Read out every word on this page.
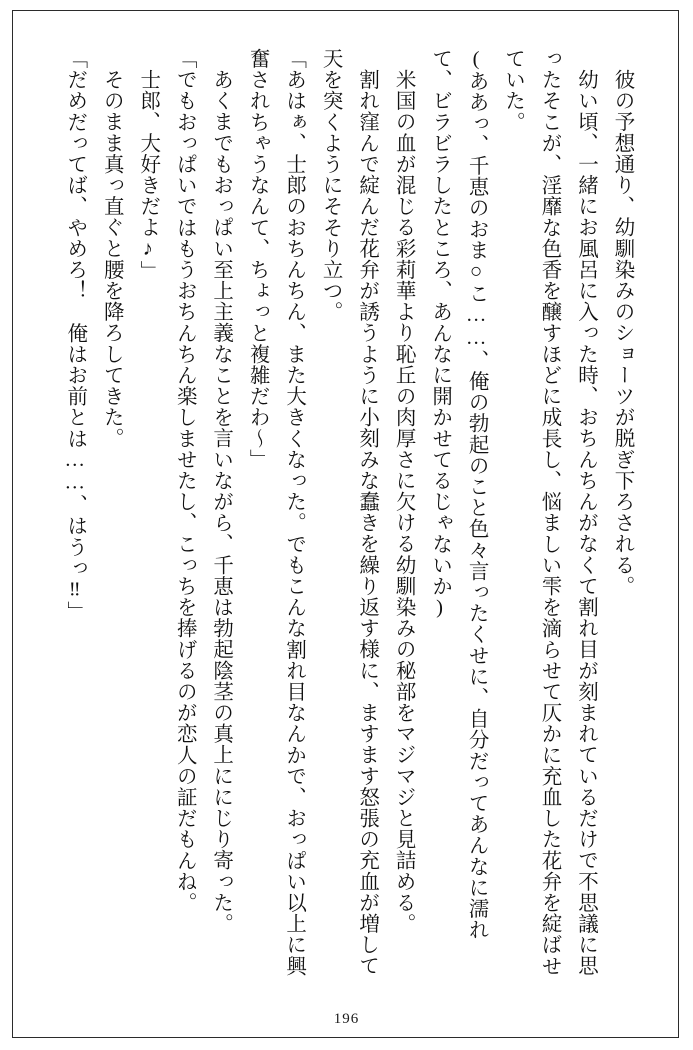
彼の予想通り、幼馴染みのショーツが脱ぎ下ろされる。

幼い頃、一緒にお風呂に入った時、おちんちんがなくて割れ目が刻まれているだけで不思議に思ったそこが、淫靡な色香を醸すほどに成長し、悩ましい雫を滴らせて仄かに充血した花弁を綻ばせていた。

(ああっ、千恵のおま○こ……、俺の勃起のこと色々言ったくせに、自分だってあんなに濡れて、ビラビラしたところ、あんなに開かせてるじゃないか)

米国の血が混じる彩莉華より恥丘の肉厚さに欠ける幼馴染みの秘部をマジマジと見詰める。

割れ窪んで綻んだ花弁が誘うように小刻みな蠢きを繰り返す様に、ますます怒張の充血が増して天を突くようにそそり立つ。

「あはぁ、士郎のおちんちん、また大きくなった。でもこんな割れ目なんかで、おっぱい以上に興奮されちゃうなんて、ちょっと複雑だわ〜」

あくまでもおっぱい至上主義なことを言いながら、千恵は勃起陰茎の真上ににじり寄った。

「でもおっぱいではもうおちんちん楽しませたし、こっちを捧げるのが恋人の証だもんね。

士郎、大好きだよ♪」

そのまま真っ直ぐと腰を降ろしてきた。

「だめだってば、やめろ！　俺はお前とは……、はうっ‼」

196
